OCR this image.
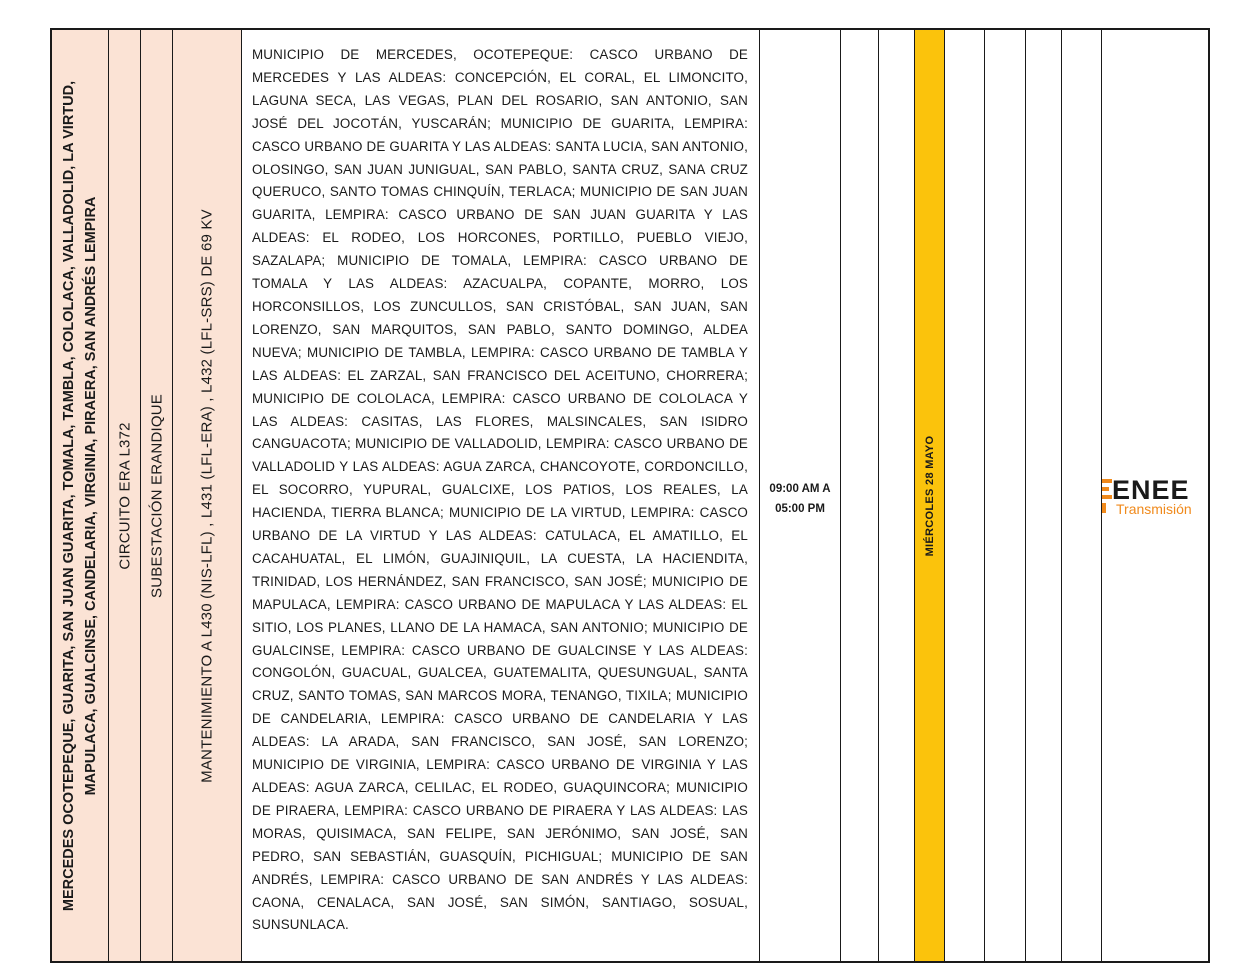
MERCEDES OCOTEPEQUE, GUARITA, SAN JUAN GUARITA, TOMALA, TAMBLA, COLOLACA, VALLADOLID, LA VIRTUD, MAPULACA, GUALCINSE, CANDELARIA, VIRGINIA, PIRAERA, SAN ANDRÉS LEMPIRA CIRCUITO ERA L372 SUBESTACIÓN ERANDIQUE MANTENIMIENTO A L430 (NIS-LFL) , L431 (LFL-ERA) , L432 (LFL-SRS) DE 69 KV
MUNICIPIO DE MERCEDES, OCOTEPEQUE: CASCO URBANO DE MERCEDES Y LAS ALDEAS: CONCEPCIÓN, EL CORAL, EL LIMONCITO, LAGUNA SECA, LAS VEGAS, PLAN DEL ROSARIO, SAN ANTONIO, SAN JOSÉ DEL JOCOTÁN, YUSCARÁN; MUNICIPIO DE GUARITA, LEMPIRA: CASCO URBANO DE GUARITA Y LAS ALDEAS: SANTA LUCIA, SAN ANTONIO, OLOSINGO, SAN JUAN JUNIGUAL, SAN PABLO, SANTA CRUZ, SANA CRUZ QUERUCO, SANTO TOMAS CHINQUÍN, TERLACA; MUNICIPIO DE SAN JUAN GUARITA, LEMPIRA: CASCO URBANO DE SAN JUAN GUARITA Y LAS ALDEAS: EL RODEO, LOS HORCONES, PORTILLO, PUEBLO VIEJO, SAZALAPA; MUNICIPIO DE TOMALA, LEMPIRA: CASCO URBANO DE TOMALA Y LAS ALDEAS: AZACUALPA, COPANTE, MORRO, LOS HORCONSILLOS, LOS ZUNCULLOS, SAN CRISTÓBAL, SAN JUAN, SAN LORENZO, SAN MARQUITOS, SAN PABLO, SANTO DOMINGO, ALDEA NUEVA; MUNICIPIO DE TAMBLA, LEMPIRA: CASCO URBANO DE TAMBLA Y LAS ALDEAS: EL ZARZAL, SAN FRANCISCO DEL ACEITUNO, CHORRERA; MUNICIPIO DE COLOLACA, LEMPIRA: CASCO URBANO DE COLOLACA Y LAS ALDEAS: CASITAS, LAS FLORES, MALSINCALES, SAN ISIDRO CANGUACOTA; MUNICIPIO DE VALLADOLID, LEMPIRA: CASCO URBANO DE VALLADOLID Y LAS ALDEAS: AGUA ZARCA, CHANCOYOTE, CORDONCILLO, EL SOCORRO, YUPURAL, GUALCIXE, LOS PATIOS, LOS REALES, LA HACIENDA, TIERRA BLANCA; MUNICIPIO DE LA VIRTUD, LEMPIRA: CASCO URBANO DE LA VIRTUD Y LAS ALDEAS: CATULACA, EL AMATILLO, EL CACAHUATAL, EL LIMÓN, GUAJINIQUIL, LA CUESTA, LA HACIENDITA, TRINIDAD, LOS HERNÁNDEZ, SAN FRANCISCO, SAN JOSÉ; MUNICIPIO DE MAPULACA, LEMPIRA: CASCO URBANO DE MAPULACA Y LAS ALDEAS: EL SITIO, LOS PLANES, LLANO DE LA HAMACA, SAN ANTONIO; MUNICIPIO DE GUALCINSE, LEMPIRA: CASCO URBANO DE GUALCINSE Y LAS ALDEAS: CONGOLÓN, GUACUAL, GUALCEA, GUATEMALITA, QUESUNGUAL, SANTA CRUZ, SANTO TOMAS, SAN MARCOS MORA, TENANGO, TIXILA; MUNICIPIO DE CANDELARIA, LEMPIRA: CASCO URBANO DE CANDELARIA Y LAS ALDEAS: LA ARADA, SAN FRANCISCO, SAN JOSÉ, SAN LORENZO; MUNICIPIO DE VIRGINIA, LEMPIRA: CASCO URBANO DE VIRGINIA Y LAS ALDEAS: AGUA ZARCA, CELILAC, EL RODEO, GUAQUINCORA; MUNICIPIO DE PIRAERA, LEMPIRA: CASCO URBANO DE PIRAERA Y LAS ALDEAS: LAS MORAS, QUISIMACA, SAN FELIPE, SAN JERÓNIMO, SAN JOSÉ, SAN PEDRO, SAN SEBASTIÁN, GUASQUÍN, PICHIGUAL; MUNICIPIO DE SAN ANDRÉS, LEMPIRA: CASCO URBANO DE SAN ANDRÉS Y LAS ALDEAS: CAONA, CENALACA, SAN JOSÉ, SAN SIMÓN, SANTIAGO, SOSUAL, SUNSUNLACA.
09:00 AM A
05:00 PM	MIÉRCOLES 28 MAYO	ENEE
Transmisión
